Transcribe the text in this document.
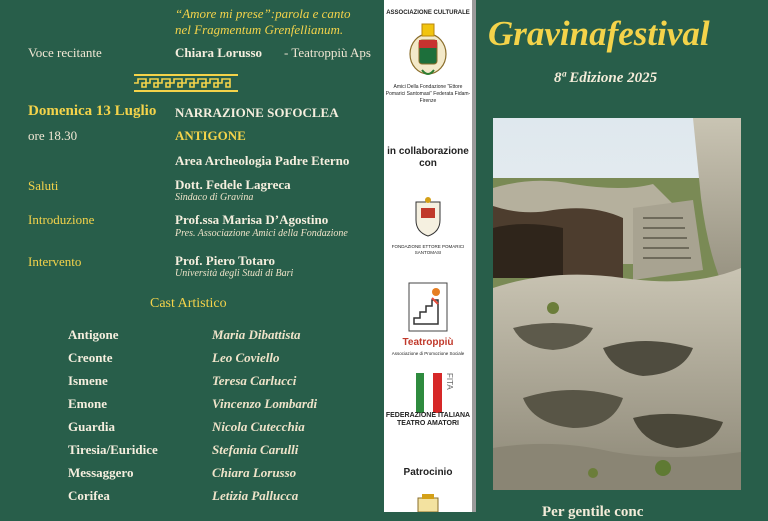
“Amore mi prese”:parola e canto
nel Fragmentum Grenfellianum.
Voce recitante	Chiara Lorusso - Teatroppiù Aps
Domenica 13 Luglio
ore 18.30
NARRAZIONE SOFOCLEA
ANTIGONE
Area Archeologia Padre Eterno
Saluti	Dott. Fedele Lagreca
Sindaco di Gravina
Introduzione	Prof.ssa Marisa D’Agostino
Pres. Associazione Amici della Fondazione
Intervento	Prof. Piero Totaro
Università degli Studi di Bari
Cast Artistico
Antigone	Maria Dibattista
Creonte	Leo Coviello
Ismene	Teresa Carlucci
Emone	Vincenzo Lombardi
Guardia	Nicola Cutecchia
Tiresia/Euridice	Stefania Carulli
Messaggero	Chiara Lorusso
Corifea	Letizia Pallucca
ASSOCIAZIONE CULTURALE
Amici Della Fondazione “Ettore Pomarici Santomasi” Federata Fidam-Firenze
in collaborazione con
FONDAZIONE ETTORE POMARICI SANTOMASI
Teatroppiù
Associazione di Promozione Sociale
FITA
FEDERAZIONE ITALIANA TEATRO AMATORI
Patrocinio
Gravinafestival
8ª Edizione 2025
Per gentile conc
